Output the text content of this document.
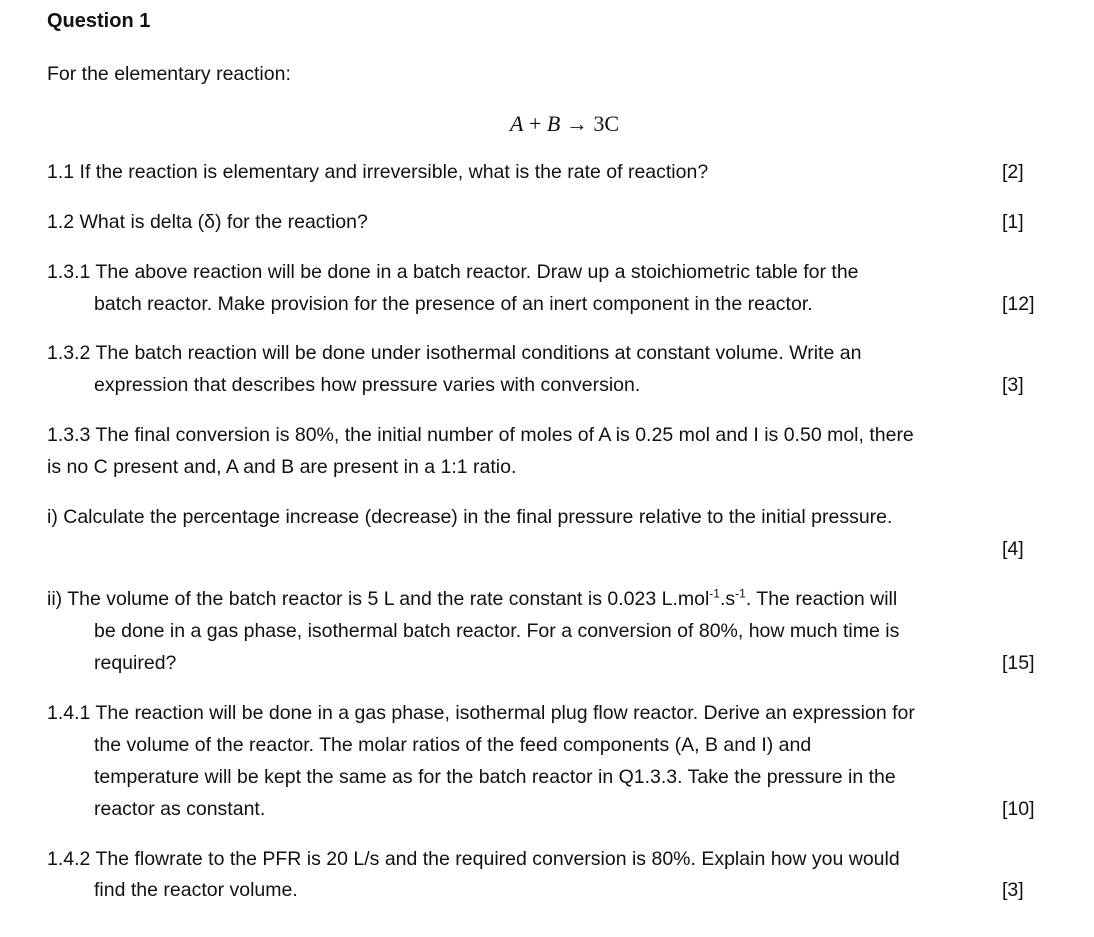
Question 1
For the elementary reaction:
A + B → 3C
1.1 If the reaction is elementary and irreversible, what is the rate of reaction?	[2]
1.2 What is delta (δ) for the reaction?	[1]
1.3.1 The above reaction will be done in a batch reactor. Draw up a stoichiometric table for the
batch reactor. Make provision for the presence of an inert component in the reactor.	[12]
1.3.2 The batch reaction will be done under isothermal conditions at constant volume. Write an
expression that describes how pressure varies with conversion.	[3]
1.3.3 The final conversion is 80%, the initial number of moles of A is 0.25 mol and I is 0.50 mol, there
is no C present and, A and B are present in a 1:1 ratio.
i) Calculate the percentage increase (decrease) in the final pressure relative to the initial pressure.
[4]
ii) The volume of the batch reactor is 5 L and the rate constant is 0.023 $L.mol^{-1}.s^{-1}$. The reaction will
be done in a gas phase, isothermal batch reactor. For a conversion of 80%, how much time is
required?	[15]
1.4.1 The reaction will be done in a gas phase, isothermal plug flow reactor. Derive an expression for
the volume of the reactor. The molar ratios of the feed components (A, B and I) and
temperature will be kept the same as for the batch reactor in Q1.3.3. Take the pressure in the
reactor as constant.	[10]
1.4.2 The flowrate to the PFR is 20 L/s and the required conversion is 80%. Explain how you would
find the reactor volume.	[3]
